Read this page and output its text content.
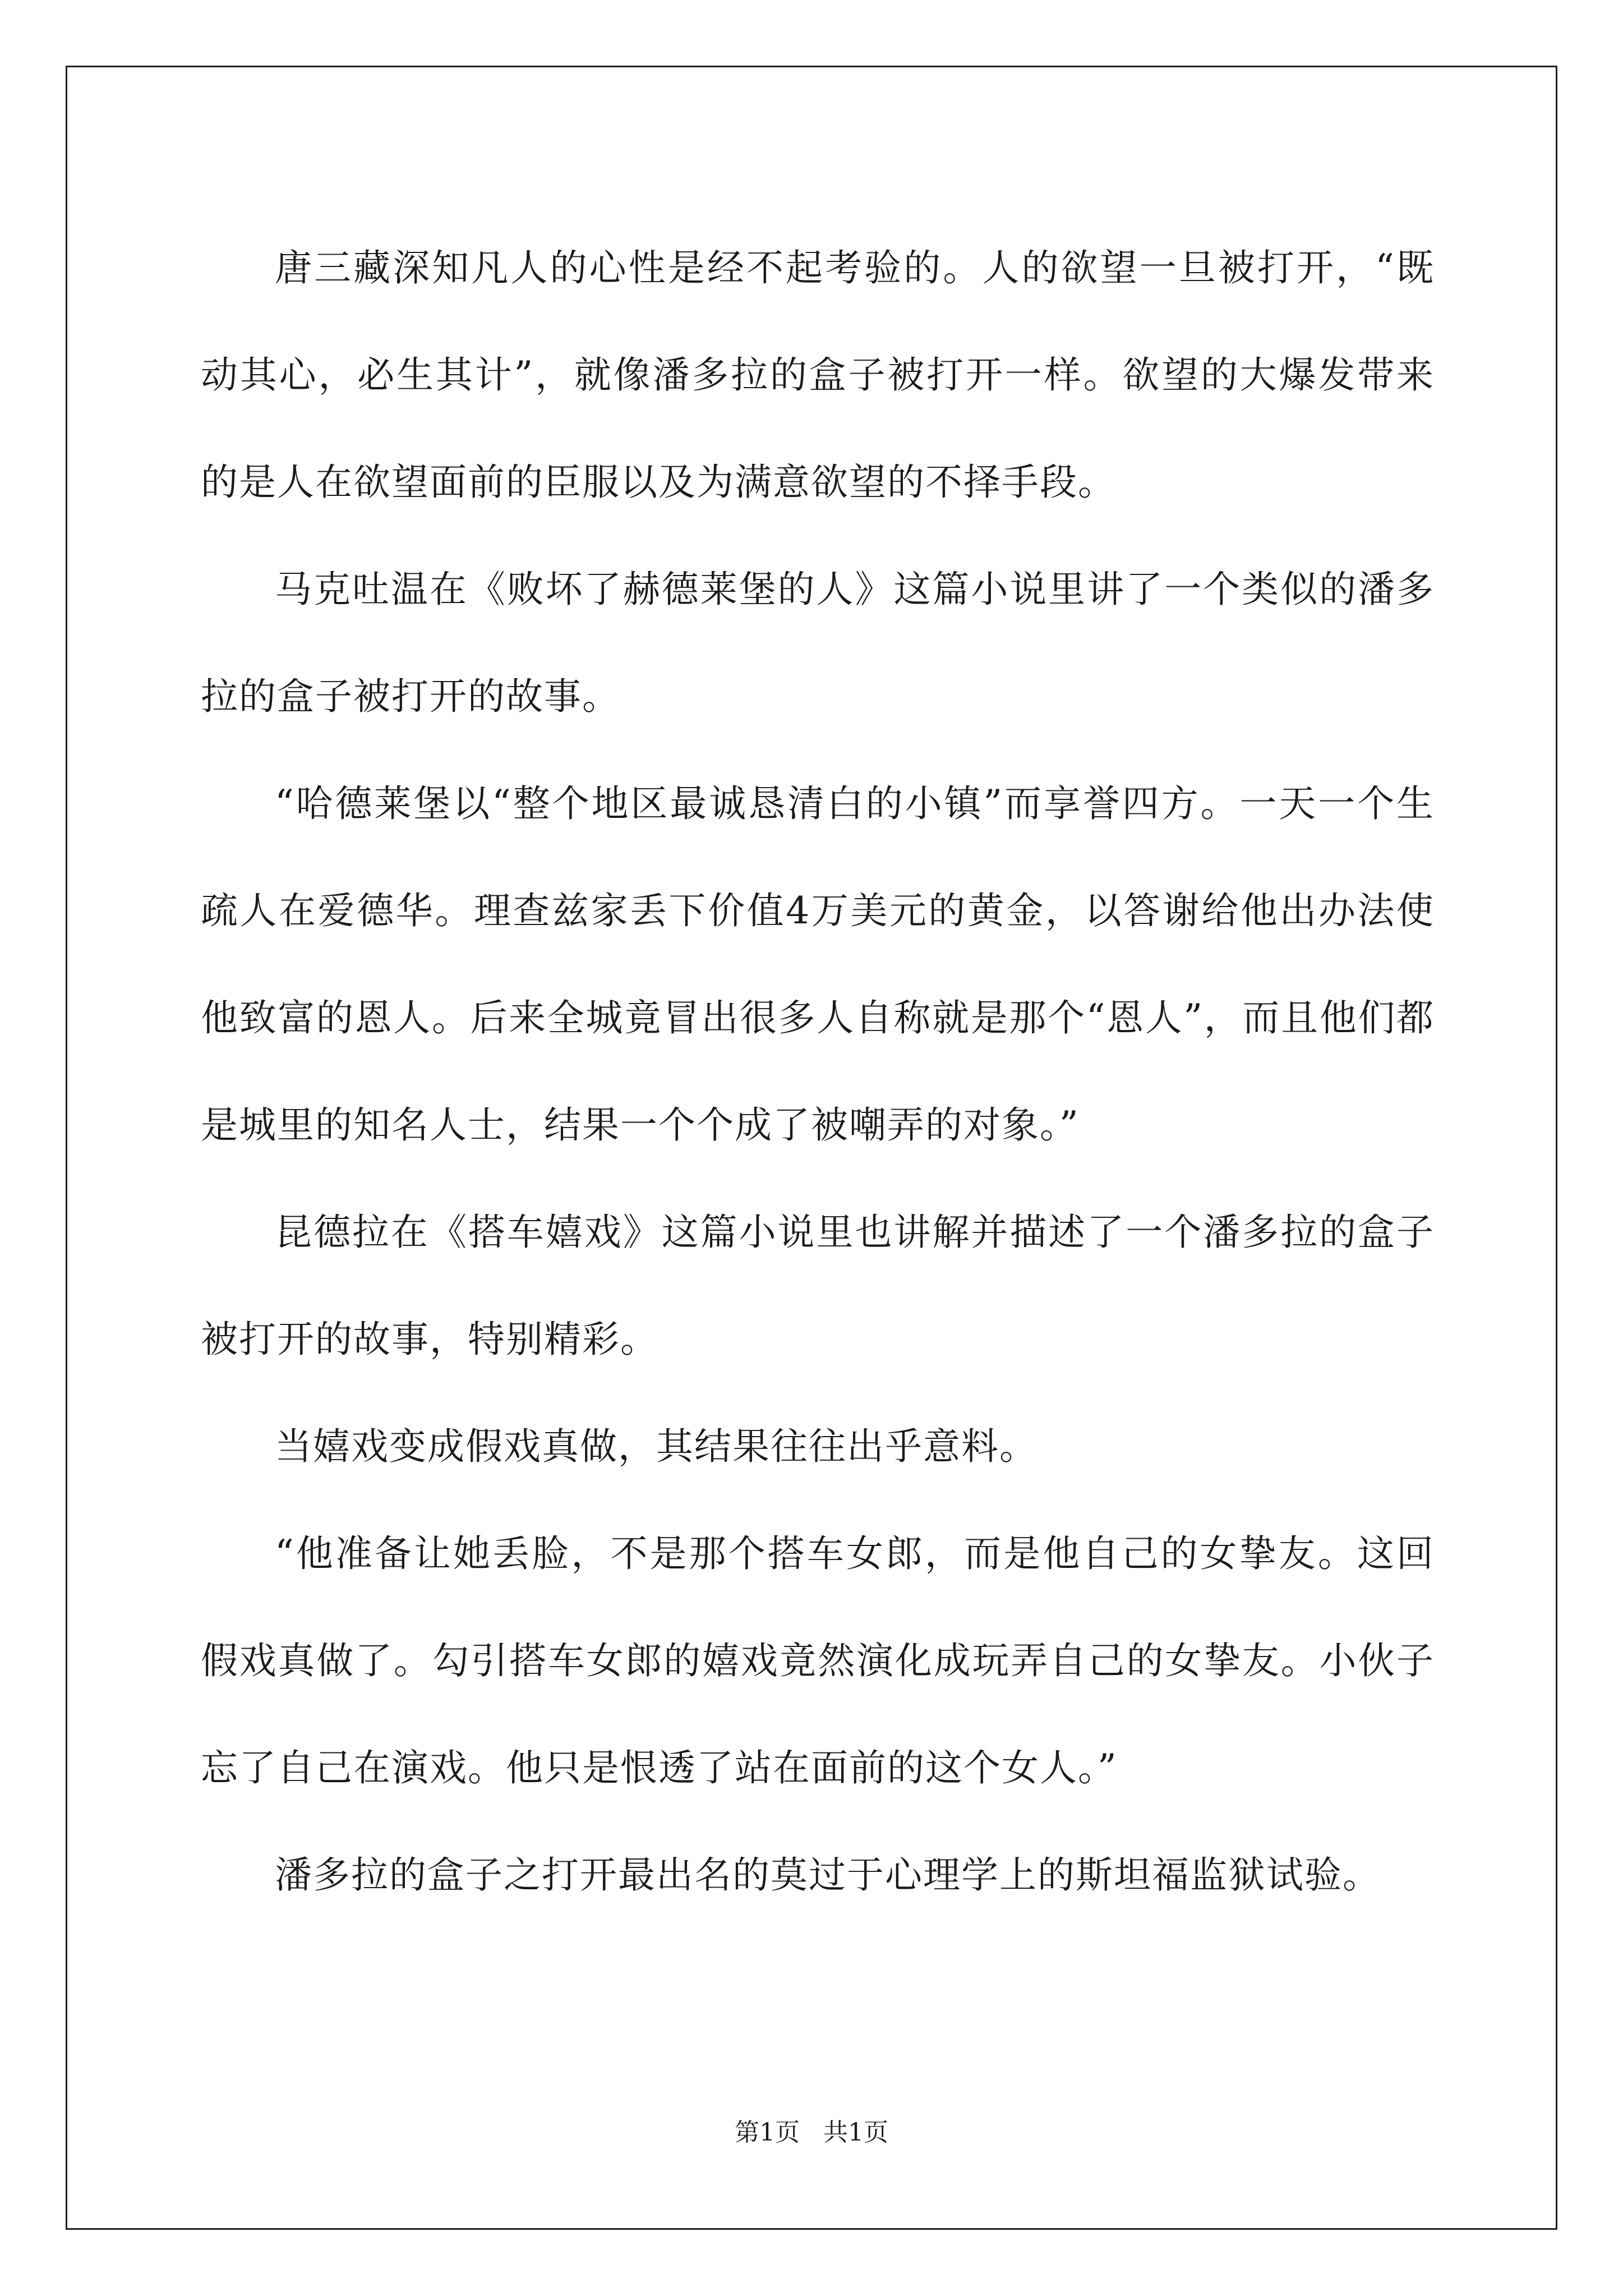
唐三藏深知凡人的心性是经不起考验的。人的欲望一旦被打开，“既动其心，必生其计”，就像潘多拉的盒子被打开一样。欲望的大爆发带来的是人在欲望面前的臣服以及为满意欲望的不择手段。

马克吐温在《败坏了赫德莱堡的人》这篇小说里讲了一个类似的潘多拉的盒子被打开的故事。

“哈德莱堡以“整个地区最诚恳清白的小镇”而享誉四方。一天一个生疏人在爱德华。理查兹家丢下价值4万美元的黄金，以答谢给他出办法使他致富的恩人。后来全城竟冒出很多人自称就是那个“恩人”，而且他们都是城里的知名人士，结果一个个成了被嘲弄的对象。”

昆德拉在《搭车嬉戏》这篇小说里也讲解并描述了一个潘多拉的盒子被打开的故事，特别精彩。

当嬉戏变成假戏真做，其结果往往出乎意料。

“他准备让她丢脸，不是那个搭车女郎，而是他自己的女挚友。这回假戏真做了。勾引搭车女郎的嬉戏竟然演化成玩弄自己的女挚友。小伙子忘了自己在演戏。他只是恨透了站在面前的这个女人。”

潘多拉的盒子之打开最出名的莫过于心理学上的斯坦福监狱试验。

第1页 共1页
